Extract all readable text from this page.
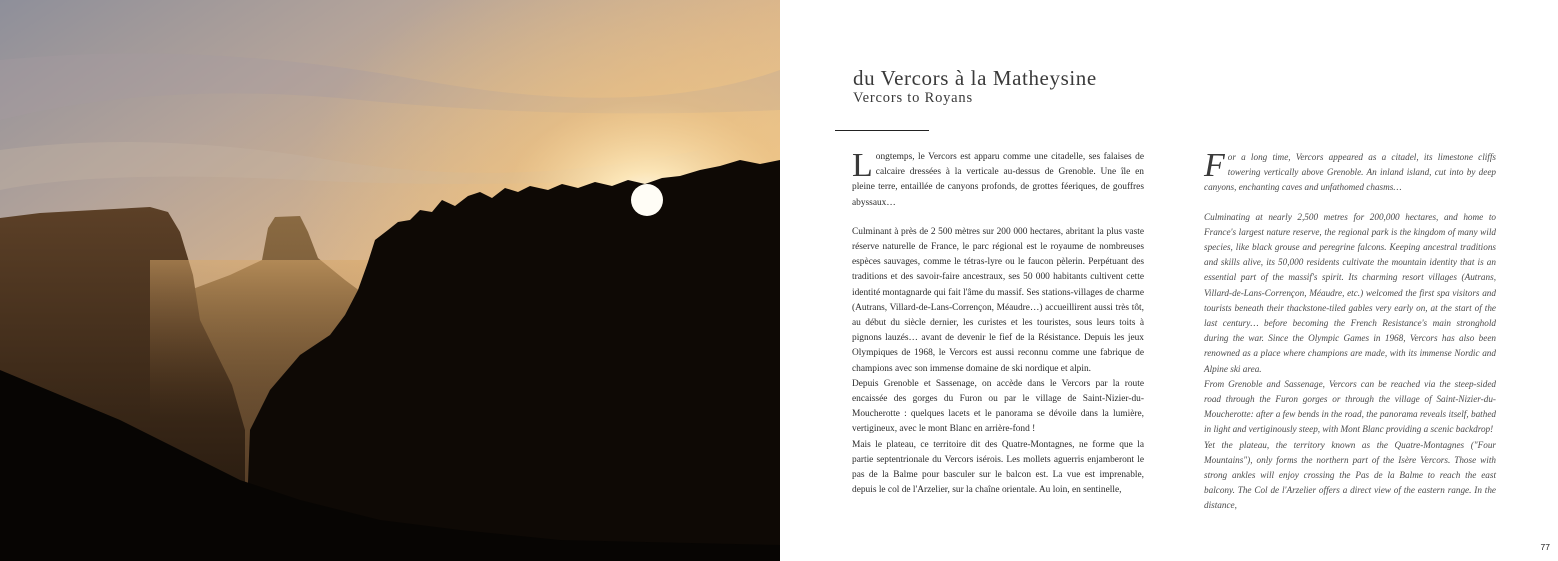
du Vercors à la Matheysine
Vercors to Royans

Longtemps, le Vercors est apparu comme une citadelle, ses falaises de calcaire dressées à la verticale au-dessus de Grenoble. Une île en pleine terre, entaillée de canyons profonds, de grottes féeriques, de gouffres abyssaux…

Culminant à près de 2 500 mètres sur 200 000 hectares, abritant la plus vaste réserve naturelle de France, le parc régional est le royaume de nombreuses espèces sauvages, comme le tétras-lyre ou le faucon pèlerin. Perpétuant des traditions et des savoir-faire ancestraux, ses 50 000 habitants cultivent cette identité montagnarde qui fait l'âme du massif. Ses stations-villages de charme (Autrans, Villard-de-Lans-Corrençon, Méaudre…) accueillirent aussi très tôt, au début du siècle dernier, les curistes et les touristes, sous leurs toits à pignons lauzés… avant de devenir le fief de la Résistance. Depuis les jeux Olympiques de 1968, le Vercors est aussi reconnu comme une fabrique de champions avec son immense domaine de ski nordique et alpin.

Depuis Grenoble et Sassenage, on accède dans le Vercors par la route encaissée des gorges du Furon ou par le village de Saint-Nizier-du-Moucherotte : quelques lacets et le panorama se dévoile dans la lumière, vertigineux, avec le mont Blanc en arrière-fond !

Mais le plateau, ce territoire dit des Quatre-Montagnes, ne forme que la partie septentrionale du Vercors isérois. Les mollets aguerris enjamberont le pas de la Balme pour basculer sur le balcon est. La vue est imprenable, depuis le col de l'Arzelier, sur la chaîne orientale. Au loin, en sentinelle,

For a long time, Vercors appeared as a citadel, its limestone cliffs towering vertically above Grenoble. An inland island, cut into by deep canyons, enchanting caves and unfathomed chasms…

Culminating at nearly 2,500 metres for 200,000 hectares, and home to France's largest nature reserve, the regional park is the kingdom of many wild species, like black grouse and peregrine falcons. Keeping ancestral traditions and skills alive, its 50,000 residents cultivate the mountain identity that is an essential part of the massif's spirit. Its charming resort villages (Autrans, Villard-de-Lans-Corrençon, Méaudre, etc.) welcomed the first spa visitors and tourists beneath their thackstone-tiled gables very early on, at the start of the last century… before becoming the French Resistance's main stronghold during the war. Since the Olympic Games in 1968, Vercors has also been renowned as a place where champions are made, with its immense Nordic and Alpine ski area.

From Grenoble and Sassenage, Vercors can be reached via the steep-sided road through the Furon gorges or through the village of Saint-Nizier-du-Moucherotte: after a few bends in the road, the panorama reveals itself, bathed in light and vertiginously steep, with Mont Blanc providing a scenic backdrop!

Yet the plateau, the territory known as the Quatre-Montagnes ("Four Mountains"), only forms the northern part of the Isère Vercors. Those with strong ankles will enjoy crossing the Pas de la Balme to reach the east balcony. The Col de l'Arzelier offers a direct view of the eastern range. In the distance,

77
